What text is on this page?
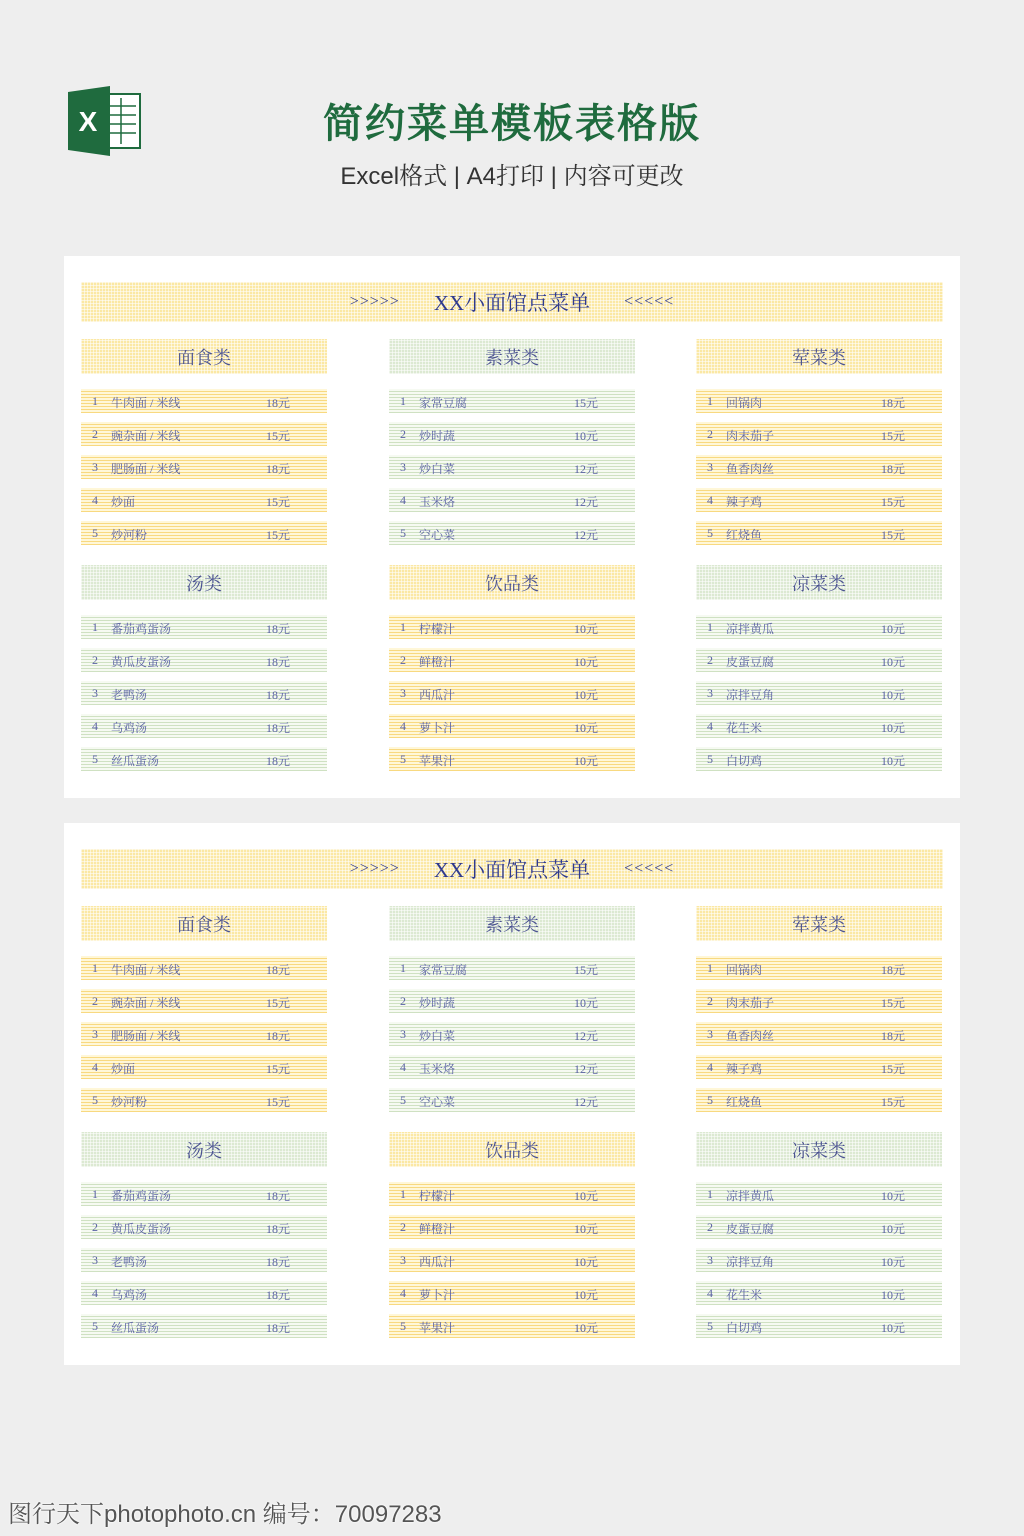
X	简约菜单模板表格版
Excel格式 | A4打印 | 内容可更改
>>>>> XX小面馆点菜单 <<<<<
面食类
1 牛肉面 / 米线	18元
2 豌杂面 / 米线	15元
3 肥肠面 / 米线	18元
4 炒面	15元
5 炒河粉	15元
素菜类
1 家常豆腐	15元
2 炒时蔬	10元
3 炒白菜	12元
4 玉米烙	12元
5 空心菜	12元
荤菜类
1 回锅肉	18元
2 肉末茄子	15元
3 鱼香肉丝	18元
4 辣子鸡	15元
5 红烧鱼	15元
汤类
1 番茄鸡蛋汤	18元
2 黄瓜皮蛋汤	18元
3 老鸭汤	18元
4 乌鸡汤	18元
5 丝瓜蛋汤	18元
饮品类
1 柠檬汁	10元
2 鲜橙汁	10元
3 西瓜汁	10元
4 萝卜汁	10元
5 苹果汁	10元
凉菜类
1 凉拌黄瓜	10元
2 皮蛋豆腐	10元
3 凉拌豆角	10元
4 花生米	10元
5 白切鸡	10元
>>>>> XX小面馆点菜单 <<<<<
面食类
1 牛肉面 / 米线	18元
2 豌杂面 / 米线	15元
3 肥肠面 / 米线	18元
4 炒面	15元
5 炒河粉	15元
素菜类
1 家常豆腐	15元
2 炒时蔬	10元
3 炒白菜	12元
4 玉米烙	12元
5 空心菜	12元
荤菜类
1 回锅肉	18元
2 肉末茄子	15元
3 鱼香肉丝	18元
4 辣子鸡	15元
5 红烧鱼	15元
汤类
1 番茄鸡蛋汤	18元
2 黄瓜皮蛋汤	18元
3 老鸭汤	18元
4 乌鸡汤	18元
5 丝瓜蛋汤	18元
饮品类
1 柠檬汁	10元
2 鲜橙汁	10元
3 西瓜汁	10元
4 萝卜汁	10元
5 苹果汁	10元
凉菜类
1 凉拌黄瓜	10元
2 皮蛋豆腐	10元
3 凉拌豆角	10元
4 花生米	10元
5 白切鸡	10元
图行天下photophoto.cn 编号：70097283
